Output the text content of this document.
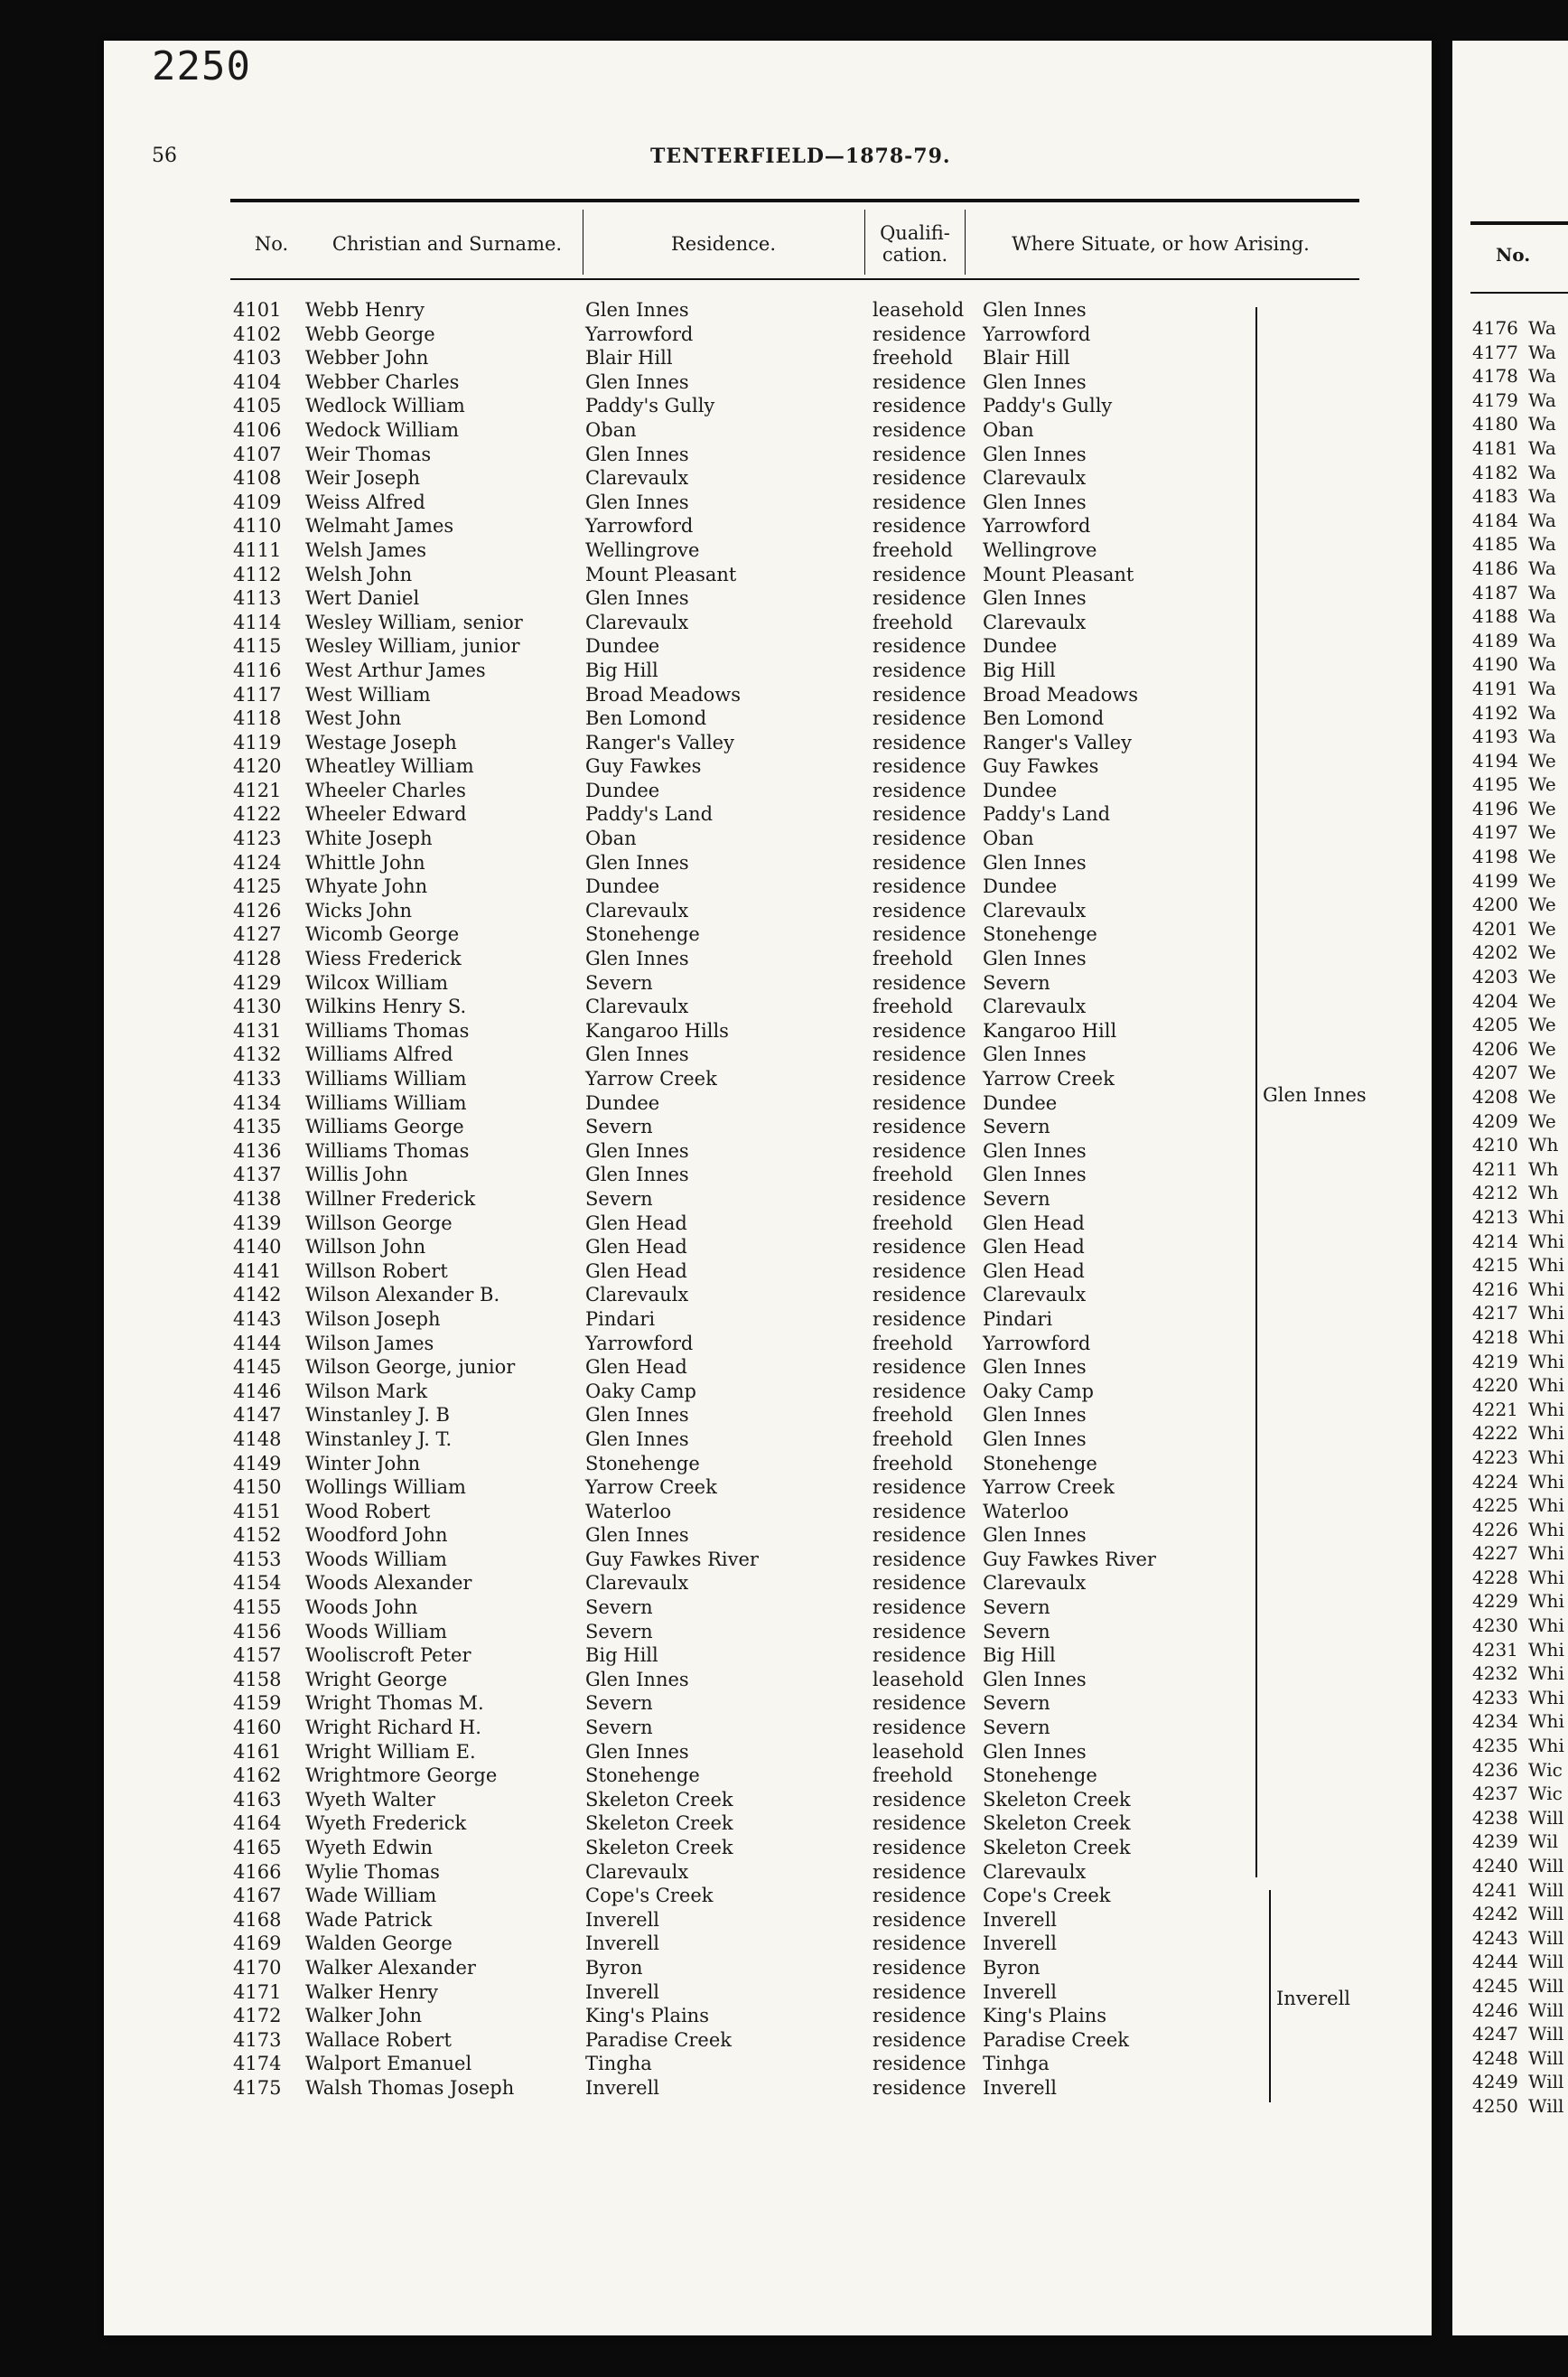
2250
56	TENTERFIELD—1878-79.
No.	Christian and Surname.	Residence.
Qualifi- cation.
Where Situate, or how Arising.
4101	Webb Henry	Glen Innes	leasehold Glen Innes
4102	Webb George	Yarrowford	residence Yarrowford
4103	Webber John	Blair Hill	freehold	Blair Hill
4104	Webber Charles	Glen Innes	residence Glen Innes
4105	Wedlock William	Paddy's Gully	residence Paddy's Gully
4106	Wedock William	Oban	residence Oban
4107	Weir Thomas	Glen Innes	residence Glen Innes
4108	Weir Joseph	Clarevaulx	residence Clarevaulx
4109	Weiss Alfred	Glen Innes	residence Glen Innes
4110	Welmaht James	Yarrowford	residence Yarrowford
4111	Welsh James	Wellingrove	freehold	Wellingrove
4112	Welsh John	Mount Pleasant	residence Mount Pleasant
4113	Wert Daniel	Glen Innes	residence Glen Innes
4114	Wesley William, senior	Clarevaulx	freehold	Clarevaulx
4115	Wesley William, junior	Dundee	residence Dundee
4116	West Arthur James	Big Hill	residence Big Hill
4117	West William	Broad Meadows	residence Broad Meadows
4118	West John	Ben Lomond	residence Ben Lomond
4119	Westage Joseph	Ranger's Valley	residence Ranger's Valley
4120	Wheatley William	Guy Fawkes	residence Guy Fawkes
4121	Wheeler Charles	Dundee	residence Dundee
4122	Wheeler Edward	Paddy's Land	residence Paddy's Land
4123	White Joseph	Oban	residence Oban
4124	Whittle John	Glen Innes	residence Glen Innes
4125	Whyate John	Dundee	residence Dundee
4126	Wicks John	Clarevaulx	residence Clarevaulx
4127	Wicomb George	Stonehenge	residence Stonehenge
4128	Wiess Frederick	Glen Innes	freehold	Glen Innes
4129	Wilcox William	Severn	residence Severn
4130	Wilkins Henry S.	Clarevaulx	freehold	Clarevaulx
4131	Williams Thomas	Kangaroo Hills	residence Kangaroo Hill
4132	Williams Alfred	Glen Innes	residence Glen Innes
4133	Williams William	Yarrow Creek	residence Yarrow Creek
4134	Williams William	Dundee	residence Dundee
4135	Williams George	Severn	residence Severn
4136	Williams Thomas	Glen Innes	residence Glen Innes
4137	Willis John	Glen Innes	freehold	Glen Innes
4138	Willner Frederick	Severn	residence Severn
4139	Willson George	Glen Head	freehold	Glen Head
4140	Willson John	Glen Head	residence Glen Head
4141	Willson Robert	Glen Head	residence Glen Head
4142	Wilson Alexander B.	Clarevaulx	residence Clarevaulx
4143	Wilson Joseph	Pindari	residence Pindari
4144	Wilson James	Yarrowford	freehold	Yarrowford
4145	Wilson George, junior	Glen Head	residence Glen Innes
4146	Wilson Mark	Oaky Camp	residence Oaky Camp
4147	Winstanley J. B	Glen Innes	freehold	Glen Innes
4148	Winstanley J. T.	Glen Innes	freehold	Glen Innes
4149	Winter John	Stonehenge	freehold	Stonehenge
4150	Wollings William	Yarrow Creek	residence Yarrow Creek
4151	Wood Robert	Waterloo	residence Waterloo
4152	Woodford John	Glen Innes	residence Glen Innes
4153	Woods William	Guy Fawkes River	residence Guy Fawkes River
4154	Woods Alexander	Clarevaulx	residence Clarevaulx
4155	Woods John	Severn	residence Severn
4156	Woods William	Severn	residence Severn
4157	Wooliscroft Peter	Big Hill	residence Big Hill
4158	Wright George	Glen Innes	leasehold Glen Innes
4159	Wright Thomas M.	Severn	residence Severn
4160	Wright Richard H.	Severn	residence Severn
4161	Wright William E.	Glen Innes	leasehold Glen Innes
4162	Wrightmore George	Stonehenge	freehold	Stonehenge
4163	Wyeth Walter	Skeleton Creek	residence Skeleton Creek
4164	Wyeth Frederick	Skeleton Creek	residence Skeleton Creek
4165	Wyeth Edwin	Skeleton Creek	residence Skeleton Creek
4166	Wylie Thomas	Clarevaulx	residence Clarevaulx
4167	Wade William	Cope's Creek	residence Cope's Creek
4168	Wade Patrick	Inverell	residence Inverell
4169	Walden George	Inverell	residence Inverell
4170	Walker Alexander	Byron	residence Byron
4171	Walker Henry	Inverell	residence Inverell
4172	Walker John	King's Plains	residence King's Plains
4173	Wallace Robert	Paradise Creek	residence Paradise Creek
4174	Walport Emanuel	Tingha	residence Tinhga
4175	Walsh Thomas Joseph	Inverell	residence Inverell
Glen Innes
Inverell
No.
4176 Wa
4177 Wa
4178 Wa
4179 Wa
4180 Wa
4181 Wa
4182 Wa
4183 Wa
4184 Wa
4185 Wa
4186 Wa
4187 Wa
4188 Wa
4189 Wa
4190 Wa
4191 Wa
4192 Wa
4193 Wa
4194 We
4195 We
4196 We
4197 We
4198 We
4199 We
4200 We
4201 We
4202 We
4203 We
4204 We
4205 We
4206 We
4207 We
4208 We
4209 We
4210 Wh
4211 Wh
4212 Wh
4213 Whi
4214 Whi
4215 Whi
4216 Whi
4217 Whi
4218 Whi
4219 Whi
4220 Whi
4221 Whi
4222 Whi
4223 Whi
4224 Whi
4225 Whi
4226 Whi
4227 Whi
4228 Whi
4229 Whi
4230 Whi
4231 Whi
4232 Whi
4233 Whi
4234 Whi
4235 Whi
4236 Wic
4237 Wic
4238 Will
4239 Wil
4240 Will
4241 Will
4242 Will
4243 Will
4244 Will
4245 Will
4246 Will
4247 Will
4248 Will
4249 Will
4250 Will
